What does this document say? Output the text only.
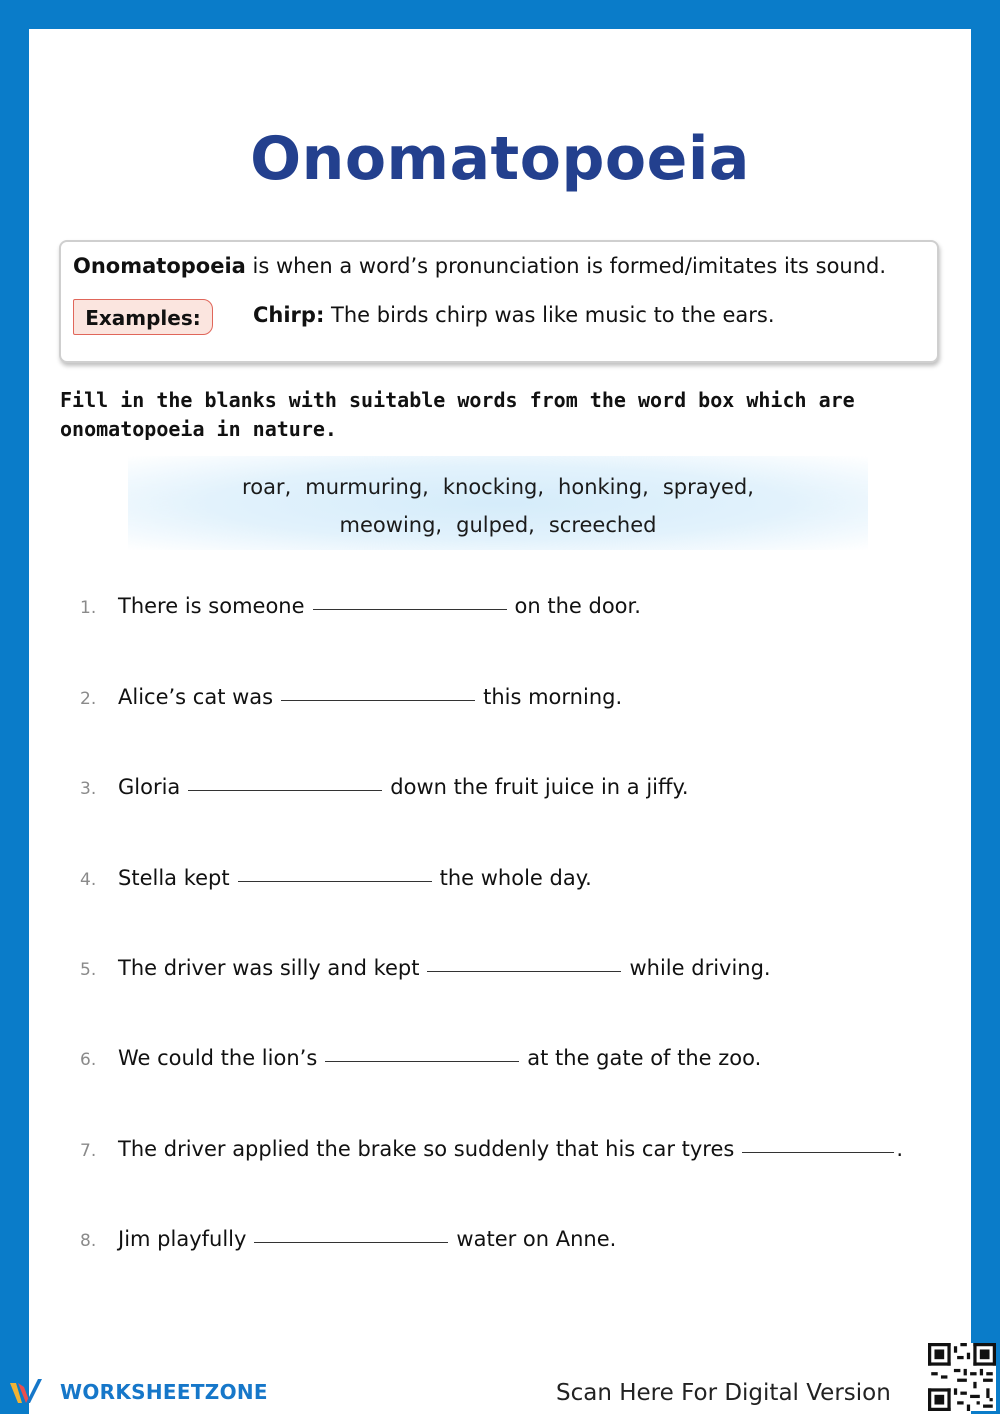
Onomatopoeia
Onomatopoeia is when a word’s pronunciation is formed/imitates its sound.
Examples:	Chirp: The birds chirp was like music to the ears.
Fill in the blanks with suitable words from the word box which are onomatopoeia in nature.
roar, murmuring, knocking, honking, sprayed,
meowing, gulped, screeched
1.	There is someone	on the door.
2.	Alice’s cat was	this morning.
3.	Gloria	down the fruit juice in a jiffy.
4.	Stella kept	the whole day.
5.	The driver was silly and kept	while driving.
6.	We could the lion’s	at the gate of the zoo.
7.	The driver applied the brake so suddenly that his car tyres	.
8.	Jim playfully	water on Anne.
WORKSHEETZONE	Scan Here For Digital Version
